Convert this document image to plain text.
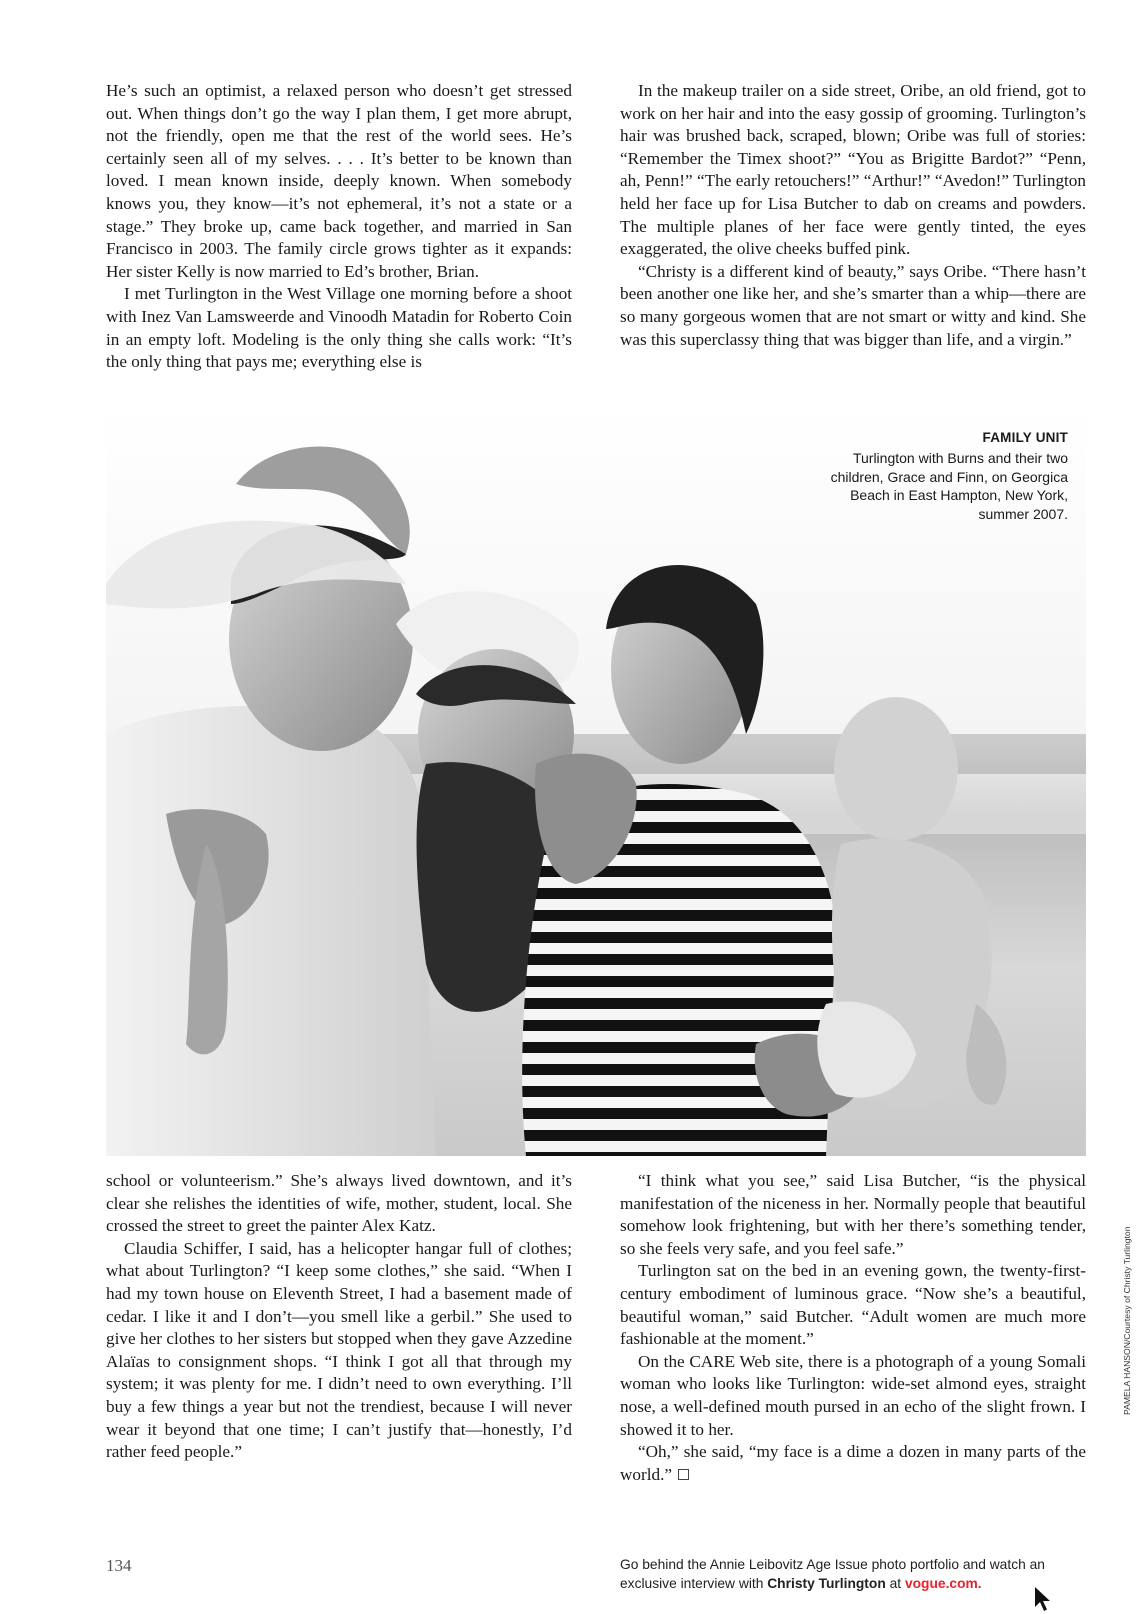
He’s such an optimist, a relaxed person who doesn’t get stressed out. When things don’t go the way I plan them, I get more abrupt, not the friendly, open me that the rest of the world sees. He’s certainly seen all of my selves. . . . It’s better to be known than loved. I mean known inside, deeply known. When somebody knows you, they know—it’s not ephemeral, it’s not a state or a stage.” They broke up, came back together, and married in San Francisco in 2003. The family circle grows tighter as it expands: Her sister Kelly is now married to Ed’s brother, Brian.

I met Turlington in the West Village one morning before a shoot with Inez Van Lamsweerde and Vinoodh Matadin for Roberto Coin in an empty loft. Modeling is the only thing she calls work: “It’s the only thing that pays me; everything else is

In the makeup trailer on a side street, Oribe, an old friend, got to work on her hair and into the easy gossip of grooming. Turlington’s hair was brushed back, scraped, blown; Oribe was full of stories: “Remember the Timex shoot?” “You as Brigitte Bardot?” “Penn, ah, Penn!” “The early retouchers!” “Arthur!” “Avedon!” Turlington held her face up for Lisa Butcher to dab on creams and powders. The multiple planes of her face were gently tinted, the eyes exaggerated, the olive cheeks buffed pink.

“Christy is a different kind of beauty,” says Oribe. “There hasn’t been another one like her, and she’s smarter than a whip—there are so many gorgeous women that are not smart or witty and kind. She was this superclassy thing that was bigger than life, and a virgin.”

FAMILY UNIT
Turlington with Burns and their two children, Grace and Finn, on Georgica Beach in East Hampton, New York, summer 2007.

school or volunteerism.” She’s always lived downtown, and it’s clear she relishes the identities of wife, mother, student, local. She crossed the street to greet the painter Alex Katz.

Claudia Schiffer, I said, has a helicopter hangar full of clothes; what about Turlington? “I keep some clothes,” she said. “When I had my town house on Eleventh Street, I had a basement made of cedar. I like it and I don’t—you smell like a gerbil.” She used to give her clothes to her sisters but stopped when they gave Azzedine Alaïas to consignment shops. “I think I got all that through my system; it was plenty for me. I didn’t need to own everything. I’ll buy a few things a year but not the trendiest, because I will never wear it beyond that one time; I can’t justify that—honestly, I’d rather feed people.”

“I think what you see,” said Lisa Butcher, “is the physical manifestation of the niceness in her. Normally people that beautiful somehow look frightening, but with her there’s something tender, so she feels very safe, and you feel safe.”

Turlington sat on the bed in an evening gown, the twenty-first-century embodiment of luminous grace. “Now she’s a beautiful, beautiful woman,” said Butcher. “Adult women are much more fashionable at the moment.”

On the CARE Web site, there is a photograph of a young Somali woman who looks like Turlington: wide-set almond eyes, straight nose, a well-defined mouth pursed in an echo of the slight frown. I showed it to her.

“Oh,” she said, “my face is a dime a dozen in many parts of the world.”

PAMELA HANSON/Courtesy of Christy Turlington
134	Go behind the Annie Leibovitz Age Issue photo portfolio and watch an exclusive interview with Christy Turlington at vogue.com.
